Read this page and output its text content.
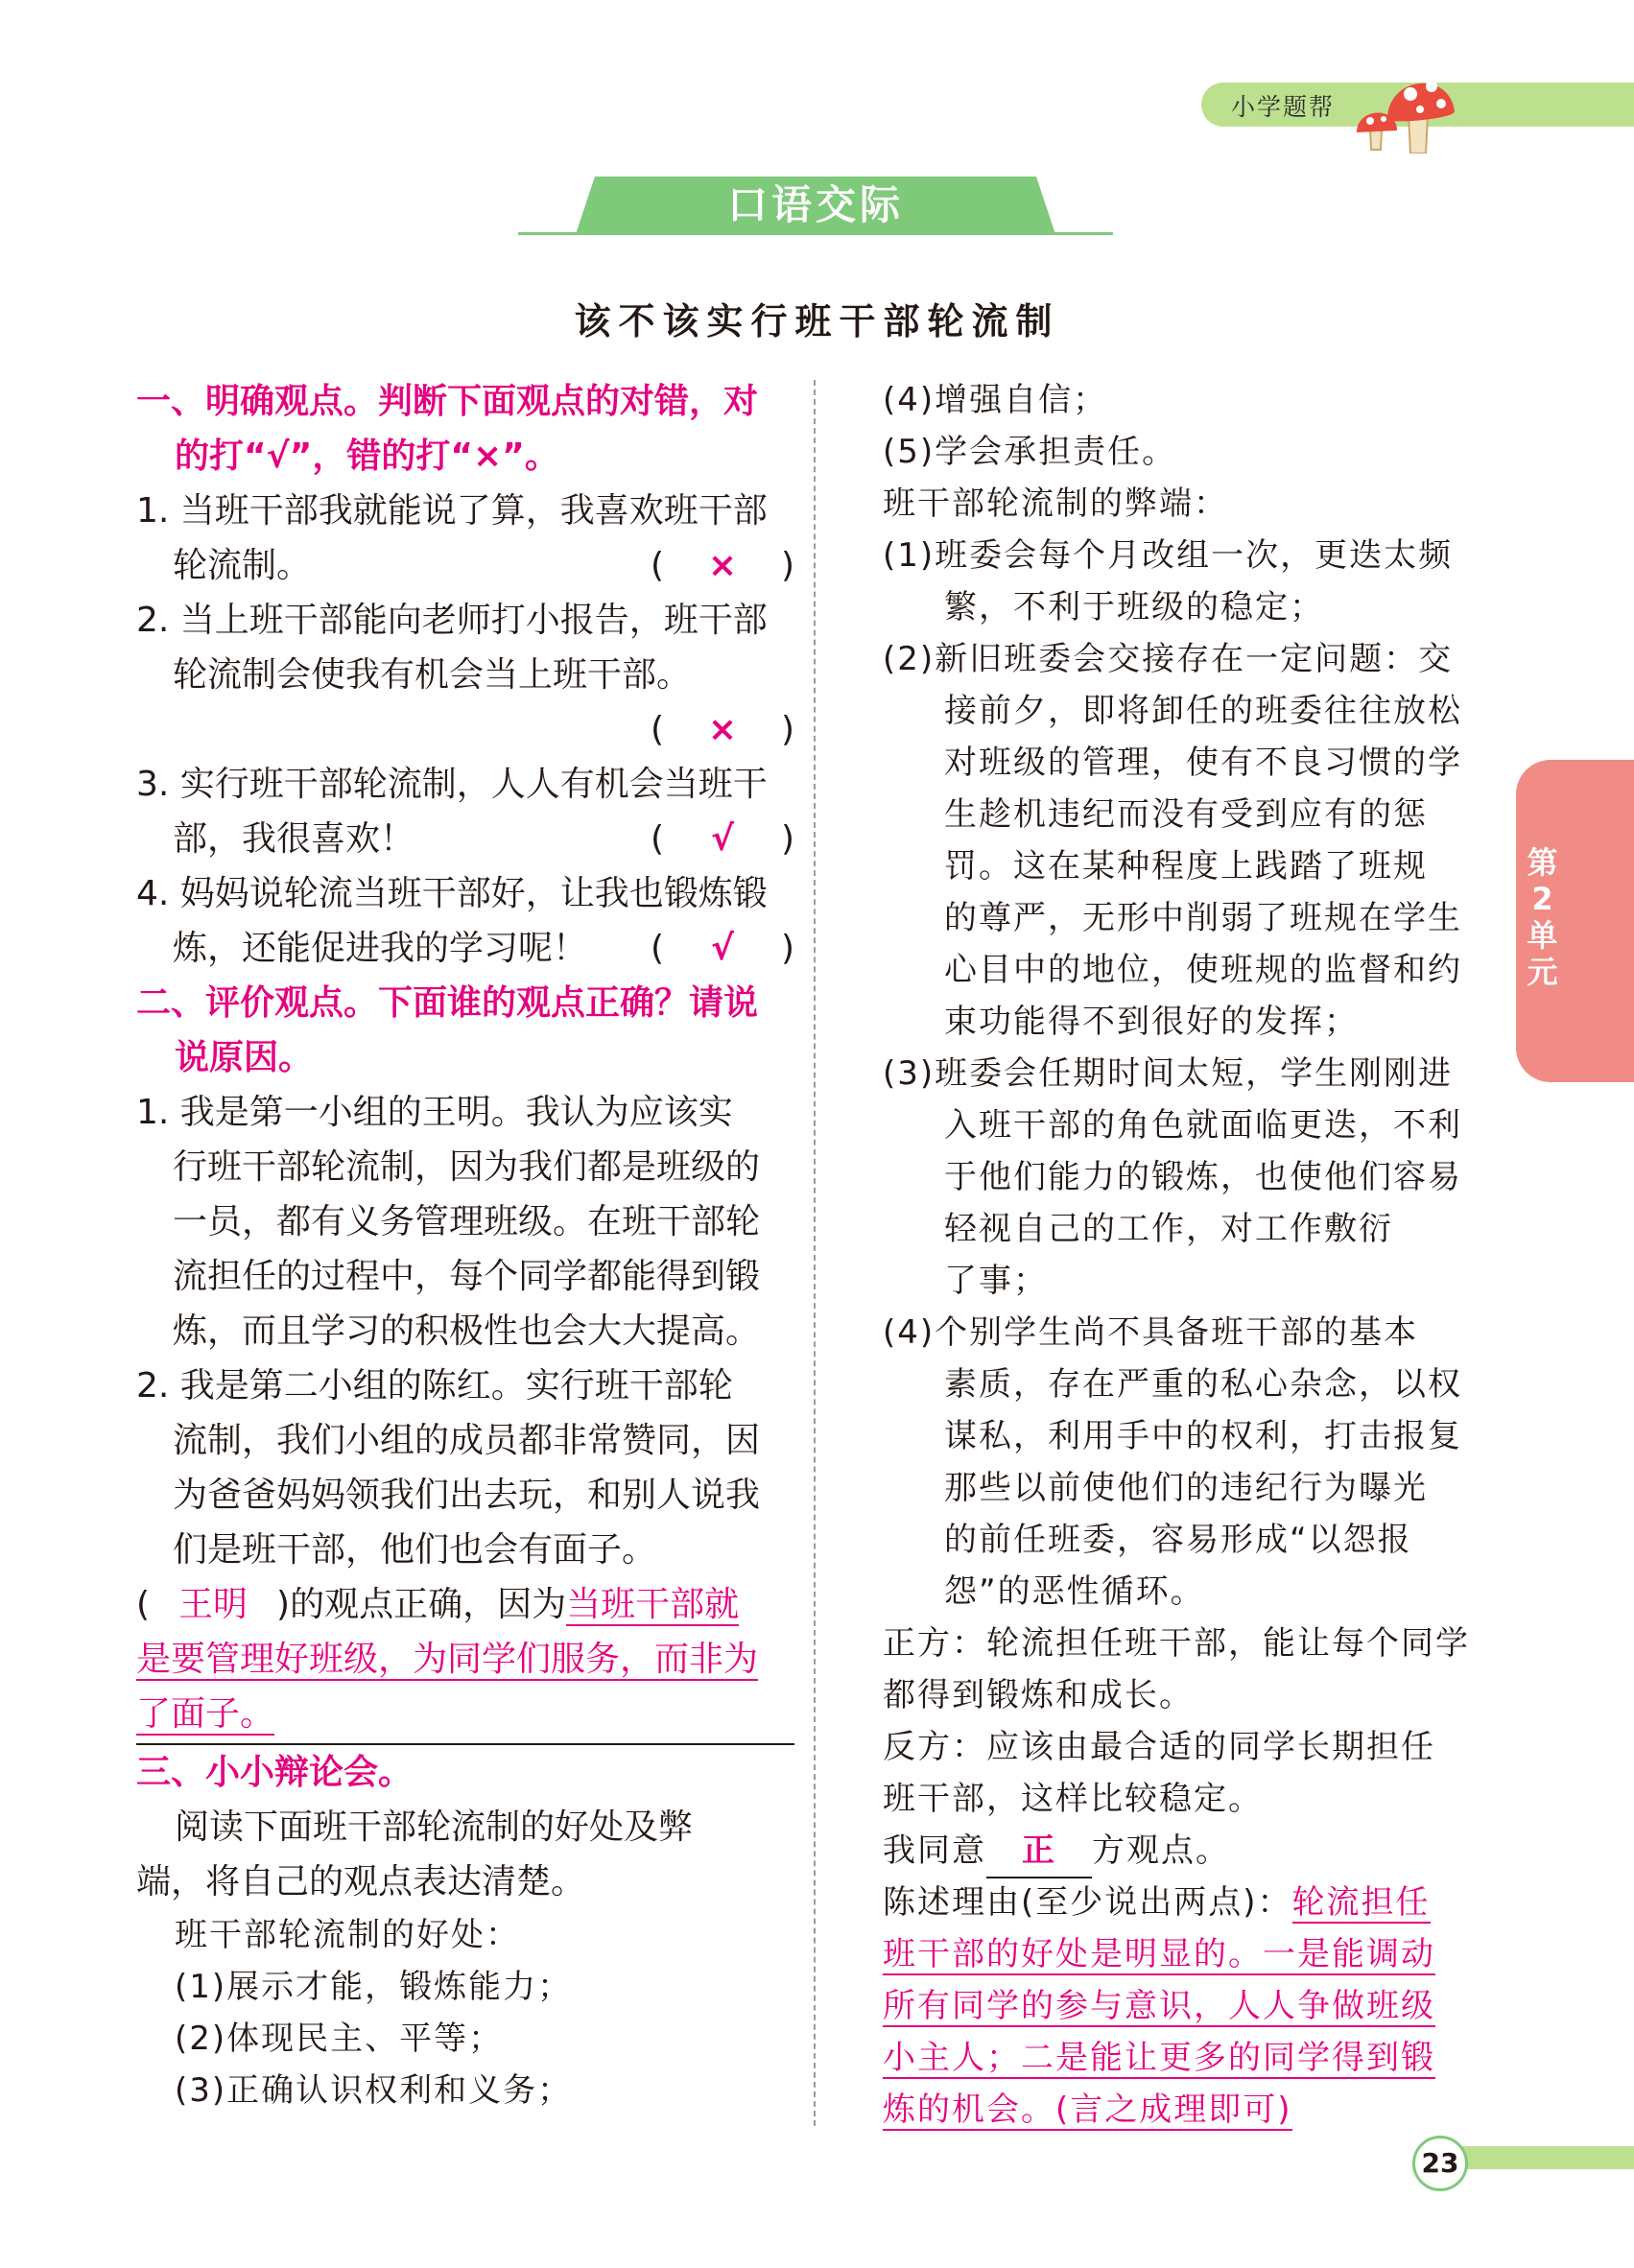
小学题帮
口语交际
该不该实行班干部轮流制
一、明确观点。判断下面观点的对错，对
的打“√”，错的打“×”。
1. 当班干部我就能说了算，我喜欢班干部
轮流制。	( × )
2. 当上班干部能向老师打小报告，班干部
轮流制会使我有机会当上班干部。
( × )
3. 实行班干部轮流制，人人有机会当班干
部，我很喜欢！	( √ )
4. 妈妈说轮流当班干部好，让我也锻炼锻
炼，还能促进我的学习呢！ ( √ )
二、评价观点。下面谁的观点正确？请说
说原因。
1. 我是第一小组的王明。我认为应该实
行班干部轮流制，因为我们都是班级的
一员，都有义务管理班级。在班干部轮
流担任的过程中，每个同学都能得到锻
炼，而且学习的积极性也会大大提高。
2. 我是第二小组的陈红。实行班干部轮
流制，我们小组的成员都非常赞同，因
为爸爸妈妈领我们出去玩，和别人说我
们是班干部，他们也会有面子。
( 王明 )的观点正确，因为当班干部就
是要管理好班级，为同学们服务，而非为
了面子。
三、小小辩论会。
阅读下面班干部轮流制的好处及弊
端，将自己的观点表达清楚。
班干部轮流制的好处：
(1)展示才能，锻炼能力；
(2)体现民主、平等；
(3)正确认识权利和义务；
(4)增强自信；
(5)学会承担责任。
班干部轮流制的弊端：
(1)班委会每个月改组一次，更迭太频
繁，不利于班级的稳定；
(2)新旧班委会交接存在一定问题：交
接前夕，即将卸任的班委往往放松
对班级的管理，使有不良习惯的学
生趁机违纪而没有受到应有的惩
罚。这在某种程度上践踏了班规
的尊严，无形中削弱了班规在学生
心目中的地位，使班规的监督和约
束功能得不到很好的发挥；
(3)班委会任期时间太短，学生刚刚进
入班干部的角色就面临更迭，不利
于他们能力的锻炼，也使他们容易
轻视自己的工作，对工作敷衍
了事；
(4)个别学生尚不具备班干部的基本
素质，存在严重的私心杂念，以权
谋私，利用手中的权利，打击报复
那些以前使他们的违纪行为曝光
的前任班委，容易形成“以怨报
怨”的恶性循环。
正方：轮流担任班干部，能让每个同学
都得到锻炼和成长。
反方：应该由最合适的同学长期担任
班干部，这样比较稳定。
我同意 正 方观点。
陈述理由(至少说出两点)：轮流担任
班干部的好处是明显的。一是能调动
所有同学的参与意识，人人争做班级
小主人；二是能让更多的同学得到锻
炼的机会。(言之成理即可)
第
2
单
元
23
